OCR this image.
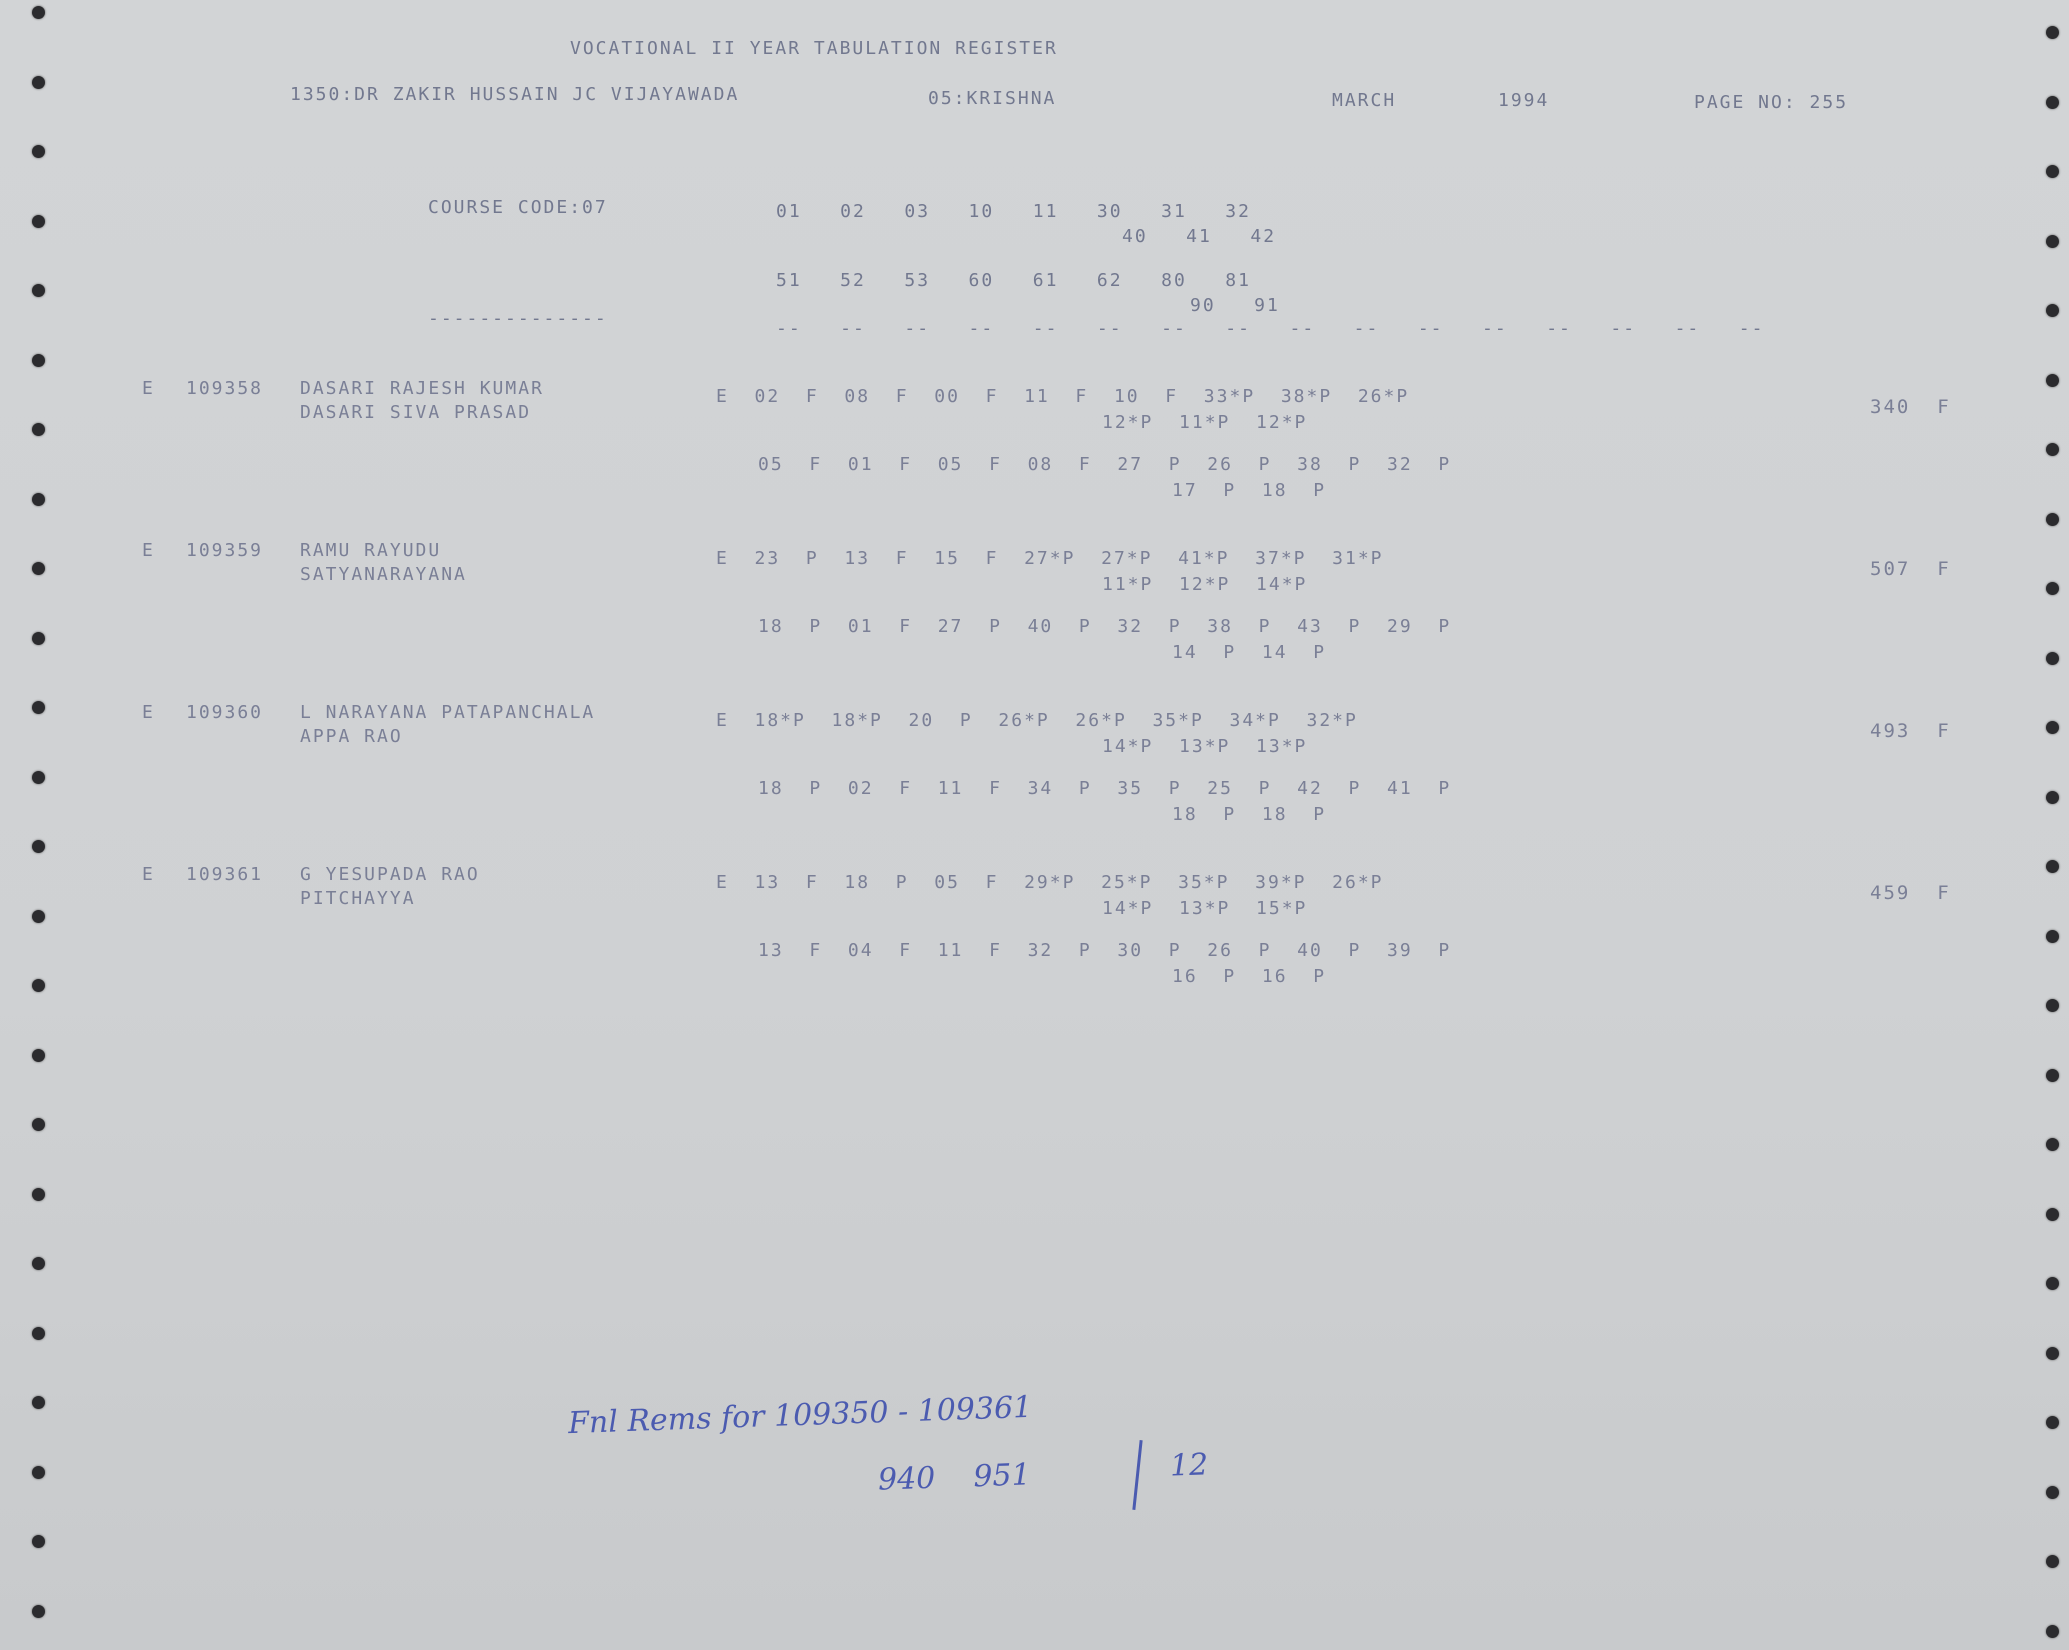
VOCATIONAL II YEAR TABULATION REGISTER
1350:DR ZAKIR HUSSAIN JC VIJAYAWADA	05:KRISHNA	MARCH	1994	PAGE NO: 255
COURSE CODE:07	01   02   03   10   11   30   31   32
40   41   42
51   52   53   60   61   62   80   81
90   91
--------------	--   --   --   --   --   --   --   --   --   --   --   --   --   --   --   --
E 109358 DASARI RAJESH KUMAR
DASARI SIVA PRASAD
E  02  F  08  F  00  F  11  F  10  F  33*P  38*P  26*P
12*P  11*P  12*P
05  F  01  F  05  F  08  F  27  P  26  P  38  P  32  P
17  P  18  P
340  F
E 109359 RAMU RAYUDU
SATYANARAYANA
E  23  P  13  F  15  F  27*P  27*P  41*P  37*P  31*P
11*P  12*P  14*P
18  P  01  F  27  P  40  P  32  P  38  P  43  P  29  P
14  P  14  P
507  F
E 109360 L NARAYANA PATAPANCHALA
APPA RAO
E  18*P  18*P  20  P  26*P  26*P  35*P  34*P  32*P
14*P  13*P  13*P
18  P  02  F  11  F  34  P  35  P  25  P  42  P  41  P
18  P  18  P
493  F
E 109361 G YESUPADA RAO
PITCHAYYA
E  13  F  18  P  05  F  29*P  25*P  35*P  39*P  26*P
14*P  13*P  15*P
13  F  04  F  11  F  32  P  30  P  26  P  40  P  39  P
16  P  16  P
459  F
Fnl Rems for 109350 - 109361
940    951	12
